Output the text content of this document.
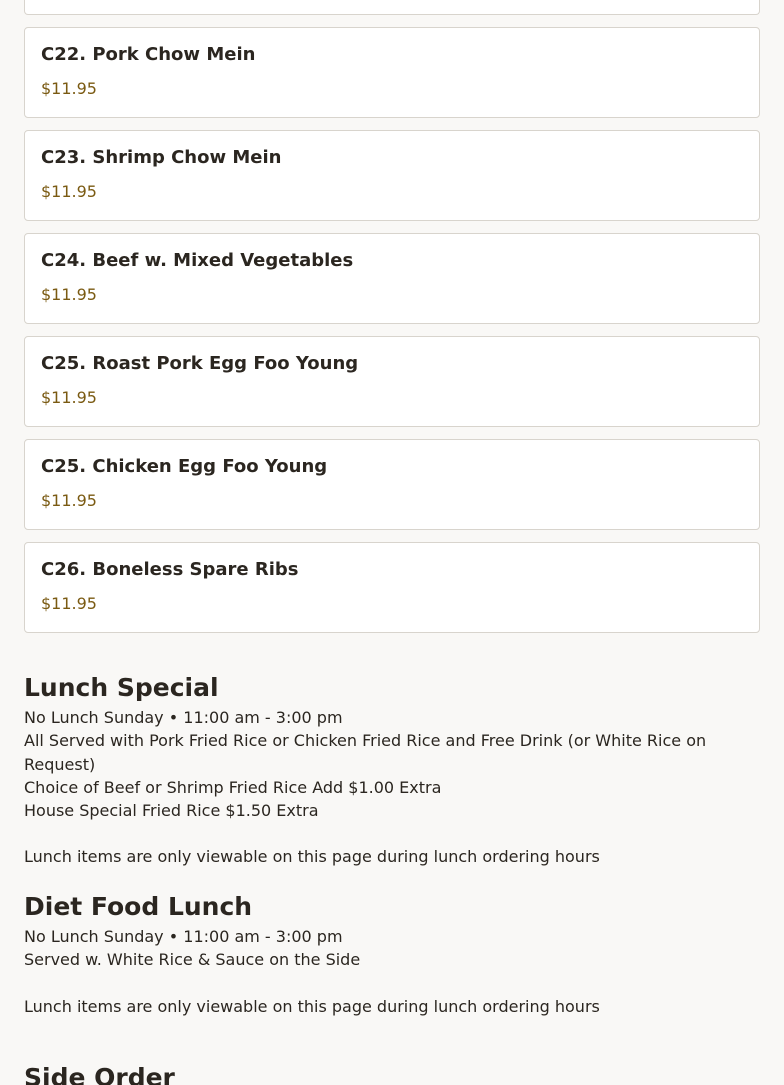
C22. Pork Chow Mein
$11.95
C23. Shrimp Chow Mein
$11.95
C24. Beef w. Mixed Vegetables
$11.95
C25. Roast Pork Egg Foo Young
$11.95
C25. Chicken Egg Foo Young
$11.95
C26. Boneless Spare Ribs
$11.95
Lunch Special
No Lunch Sunday • 11:00 am - 3:00 pm
All Served with Pork Fried Rice or Chicken Fried Rice and Free Drink (or White Rice on Request)
Choice of Beef or Shrimp Fried Rice Add $1.00 Extra
House Special Fried Rice $1.50 Extra
Lunch items are only viewable on this page during lunch ordering hours
Diet Food Lunch
No Lunch Sunday • 11:00 am - 3:00 pm
Served w. White Rice & Sauce on the Side
Lunch items are only viewable on this page during lunch ordering hours
Side Order
